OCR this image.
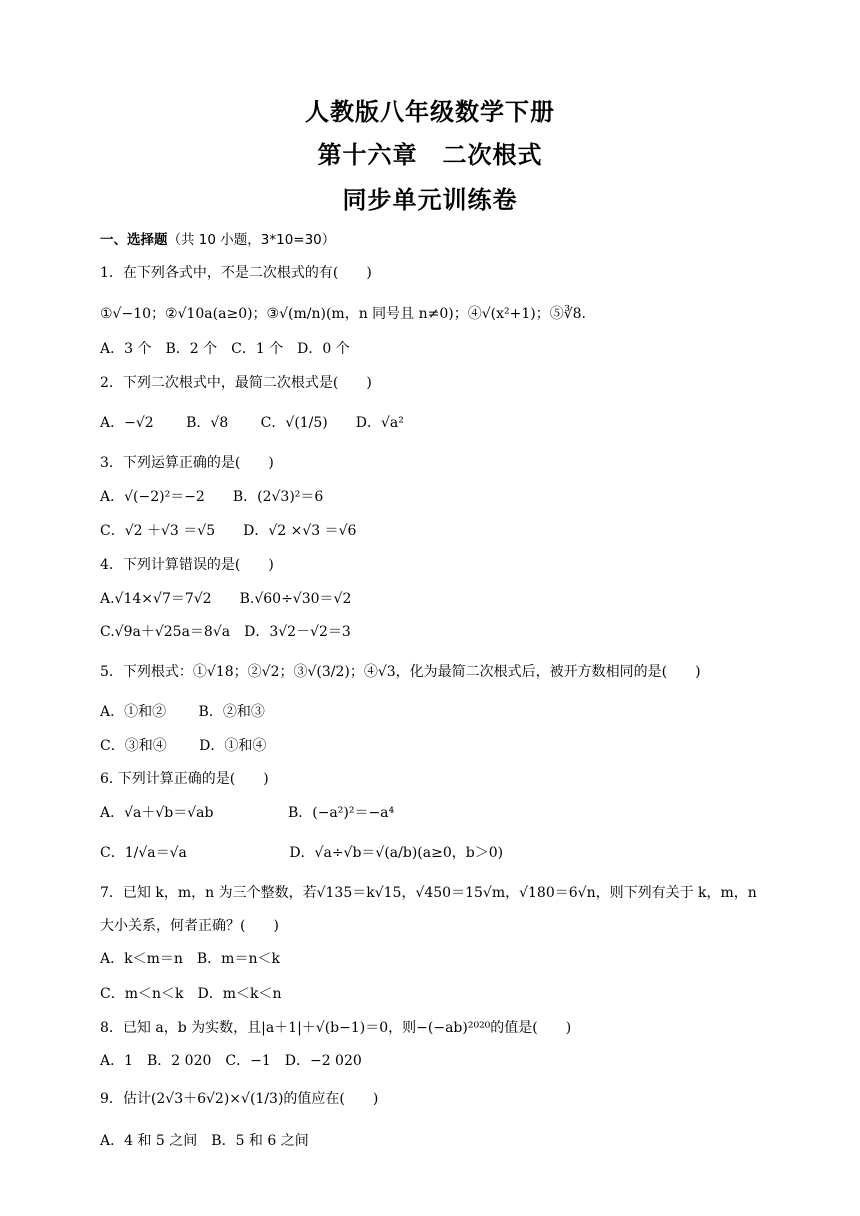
人教版八年级数学下册
第十六章　二次根式
同步单元训练卷
一、选择题（共 10 小题，3*10=30）
1．在下列各式中，不是二次根式的有(　　)
①√−10；②√10a(a≥0)；③√(m/n)(m，n 同号且 n≠0)；④√(x²+1)；⑤∛8.
A．3 个　B．2 个　C．1 个　D．0 个
2．下列二次根式中，最简二次根式是(　　)
A．−√2　　 B．√8　　 C．√(1/5)　　D．√a²
3．下列运算正确的是(　　)
A．√(−2)²＝−2　　B．(2√3)²＝6
C．√2 ＋√3 ＝√5　　D．√2 ×√3 ＝√6
4．下列计算错误的是(　　)
A.√14×√7＝7√2　　B.√60÷√30＝√2
C.√9a＋√25a＝8√a　D．3√2－√2＝3
5．下列根式：①√18；②√2；③√(3/2)；④√3，化为最简二次根式后，被开方数相同的是(　　)
A．①和②　　 B．②和③
C．③和④　　 D．①和④
6. 下列计算正确的是(　　)
A．√a＋√b＝√ab　　　　　 B．(−a²)²＝−a⁴
C．1/√a＝√a　　　　　　　 D．√a÷√b＝√(a/b)(a≥0，b＞0)
7．已知 k，m，n 为三个整数，若√135＝k√15，√450＝15√m，√180＝6√n，则下列有关于 k，m，n
大小关系，何者正确？(　　)
A．k＜m＝n　B．m＝n＜k
C．m＜n＜k　D．m＜k＜n
8．已知 a，b 为实数，且|a＋1|＋√(b−1)＝0，则−(−ab)²⁰²⁰的值是(　　)
A．1　B．2 020　C．−1　D．−2 020
9．估计(2√3＋6√2)×√(1/3)的值应在(　　)
A．4 和 5 之间　B．5 和 6 之间
